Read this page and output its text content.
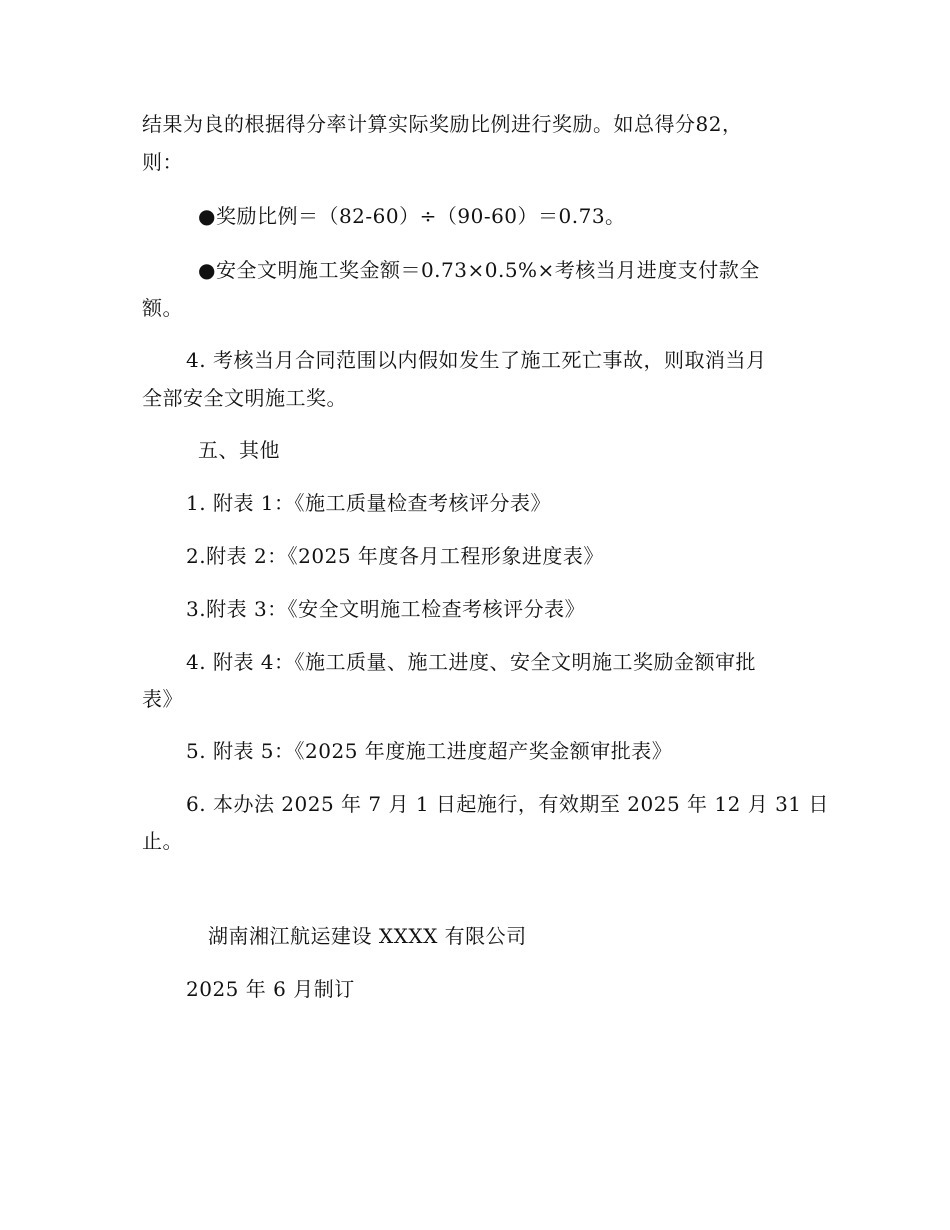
结果为良的根据得分率计算实际奖励比例进行奖励。如总得分82，
则：
●奖励比例＝（82-60）÷（90-60）＝0.73。
●安全文明施工奖金额＝0.73×0.5%×考核当月进度支付款全
额。
4. 考核当月合同范围以内假如发生了施工死亡事故，则取消当月
全部安全文明施工奖。
五、其他
1. 附表 1：《施工质量检查考核评分表》
2.附表 2：《2025 年度各月工程形象进度表》
3.附表 3：《安全文明施工检查考核评分表》
4. 附表 4：《施工质量、施工进度、安全文明施工奖励金额审批
表》
5. 附表 5：《2025 年度施工进度超产奖金额审批表》
6. 本办法 2025 年 7 月 1 日起施行，有效期至 2025 年 12 月 31 日
止。
湖南湘江航运建设 XXXX 有限公司
2025 年 6 月制订
